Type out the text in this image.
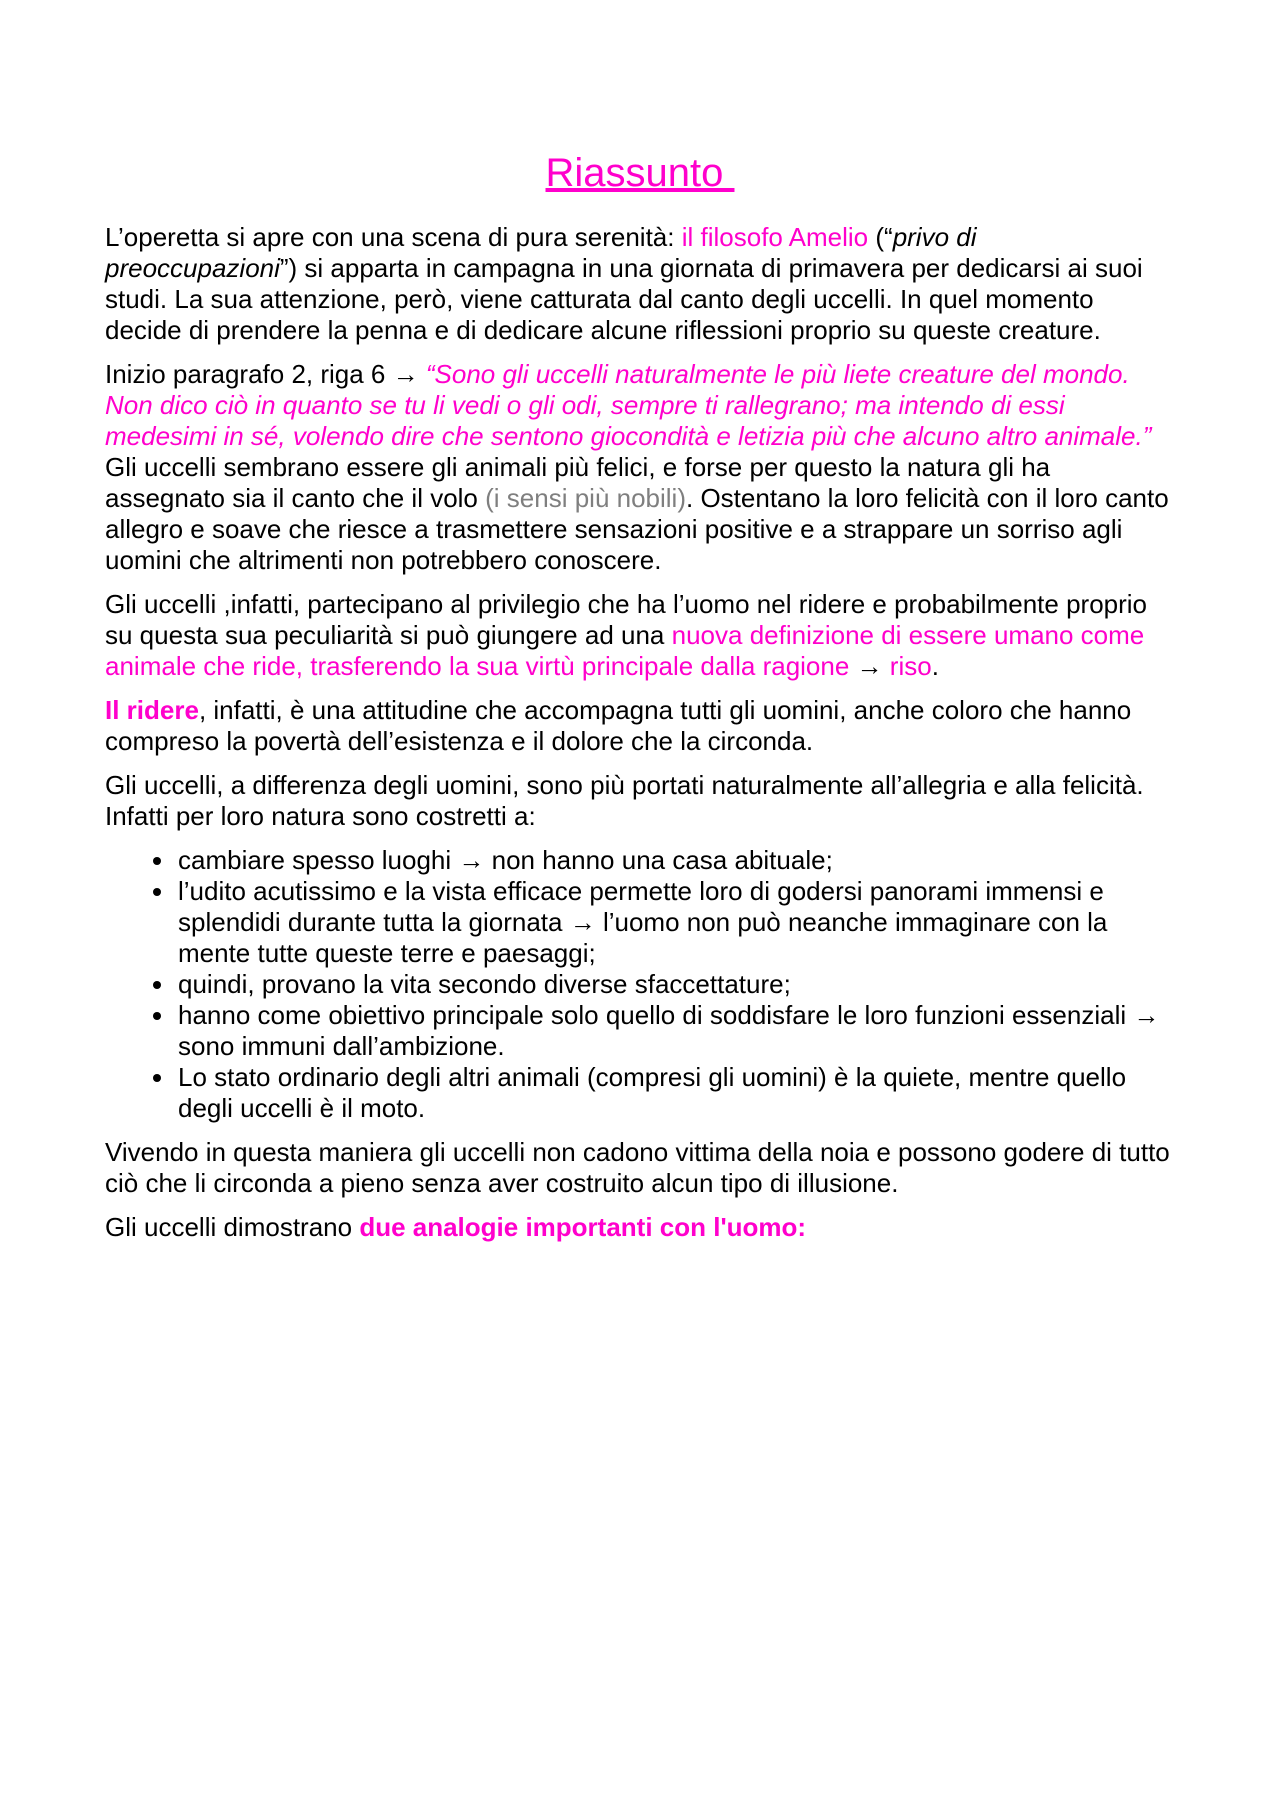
Riassunto

L’operetta si apre con una scena di pura serenità: il filosofo Amelio (“privo di preoccupazioni”) si apparta in campagna in una giornata di primavera per dedicarsi ai suoi studi. La sua attenzione, però, viene catturata dal canto degli uccelli. In quel momento decide di prendere la penna e di dedicare alcune riflessioni proprio su queste creature.

Inizio paragrafo 2, riga 6 → “Sono gli uccelli naturalmente le più liete creature del mondo. Non dico ciò in quanto se tu li vedi o gli odi, sempre ti rallegrano; ma intendo di essi medesimi in sé, volendo dire che sentono giocondità e letizia più che alcuno altro animale.”

Gli uccelli sembrano essere gli animali più felici, e forse per questo la natura gli ha assegnato sia il canto che il volo (i sensi più nobili). Ostentano la loro felicità con il loro canto allegro e soave che riesce a trasmettere sensazioni positive e a strappare un sorriso agli uomini che altrimenti non potrebbero conoscere.

Gli uccelli ,infatti, partecipano al privilegio che ha l’uomo nel ridere e probabilmente proprio su questa sua peculiarità si può giungere ad una nuova definizione di essere umano come animale che ride, trasferendo la sua virtù principale dalla ragione → riso.

Il ridere, infatti, è una attitudine che accompagna tutti gli uomini, anche coloro che hanno compreso la povertà dell’esistenza e il dolore che la circonda.

Gli uccelli, a differenza degli uomini, sono più portati naturalmente all’allegria e alla felicità. Infatti per loro natura sono costretti a:

• cambiare spesso luoghi → non hanno una casa abituale;
• l’udito acutissimo e la vista efficace permette loro di godersi panorami immensi e splendidi durante tutta la giornata → l’uomo non può neanche immaginare con la mente tutte queste terre e paesaggi;
• quindi, provano la vita secondo diverse sfaccettature;
• hanno come obiettivo principale solo quello di soddisfare le loro funzioni essenziali → sono immuni dall’ambizione.
• Lo stato ordinario degli altri animali (compresi gli uomini) è la quiete, mentre quello degli uccelli è il moto.

Vivendo in questa maniera gli uccelli non cadono vittima della noia e possono godere di tutto ciò che li circonda a pieno senza aver costruito alcun tipo di illusione.

Gli uccelli dimostrano due analogie importanti con l'uomo:
